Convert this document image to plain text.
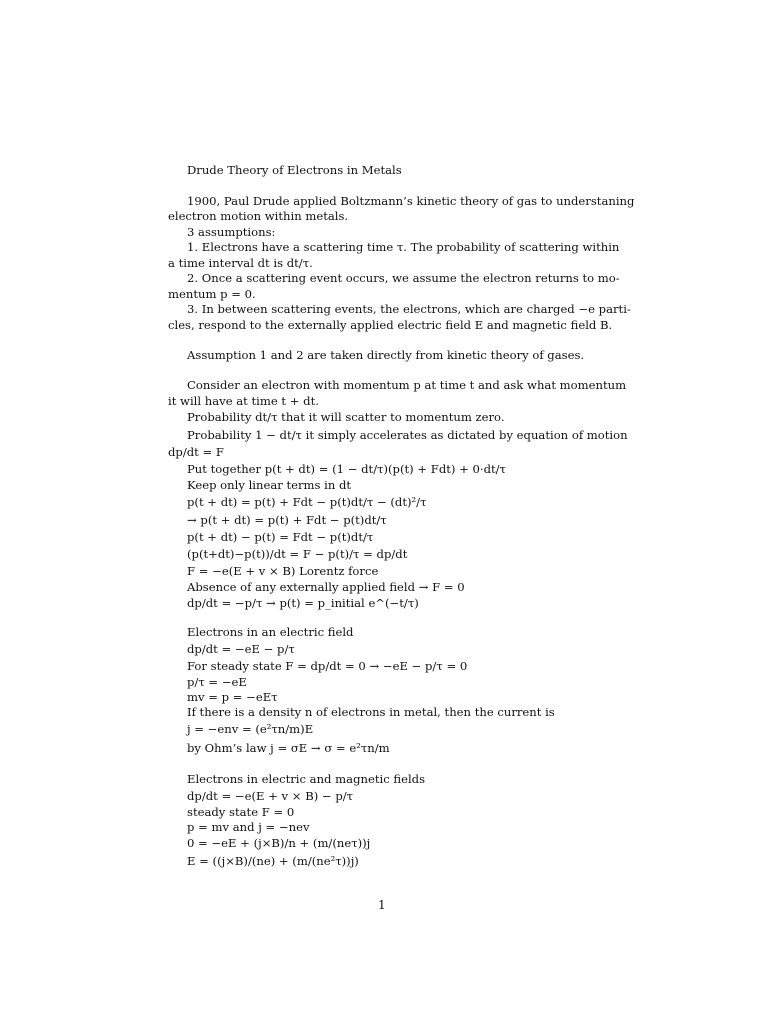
Drude Theory of Electrons in Metals
1900, Paul Drude applied Boltzmann’s kinetic theory of gas to understaning
electron motion within metals.
3 assumptions:
1. Electrons have a scattering time τ. The probability of scattering within
a time interval dt is dt/τ.
2. Once a scattering event occurs, we assume the electron returns to mo-
mentum p = 0.
3. In between scattering events, the electrons, which are charged −e parti-
cles, respond to the externally applied electric field E and magnetic field B.
Assumption 1 and 2 are taken directly from kinetic theory of gases.
Consider an electron with momentum p at time t and ask what momentum
it will have at time t + dt.
Probability dt/τ that it will scatter to momentum zero.
Probability 1 − dt/τ it simply accelerates as dictated by equation of motion
dp/dt = F
Put together p(t + dt) = (1 − dt/τ)(p(t) + Fdt) + 0·dt/τ
Keep only linear terms in dt
p(t + dt) = p(t) + Fdt − p(t)dt/τ − (dt)²/τ
→ p(t + dt) = p(t) + Fdt − p(t)dt/τ
p(t + dt) − p(t) = Fdt − p(t)dt/τ
(p(t+dt)−p(t))/dt = F − p(t)/τ = dp/dt
F = −e(E + v × B) Lorentz force
Absence of any externally applied field → F = 0
dp/dt = −p/τ → p(t) = p_initial e^(−t/τ)
Electrons in an electric field
dp/dt = −eE − p/τ
For steady state F = dp/dt = 0 → −eE − p/τ = 0
p/τ = −eE
mv = p = −eEτ
If there is a density n of electrons in metal, then the current is
j = −env = (e²τn/m)E
by Ohm’s law j = σE → σ = e²τn/m
Electrons in electric and magnetic fields
dp/dt = −e(E + v × B) − p/τ
steady state F = 0
p = mv and j = −nev
0 = −eE + (j×B)/n + (m/(neτ))j
E = ((j×B)/(ne) + (m/(ne²τ))j)
1
